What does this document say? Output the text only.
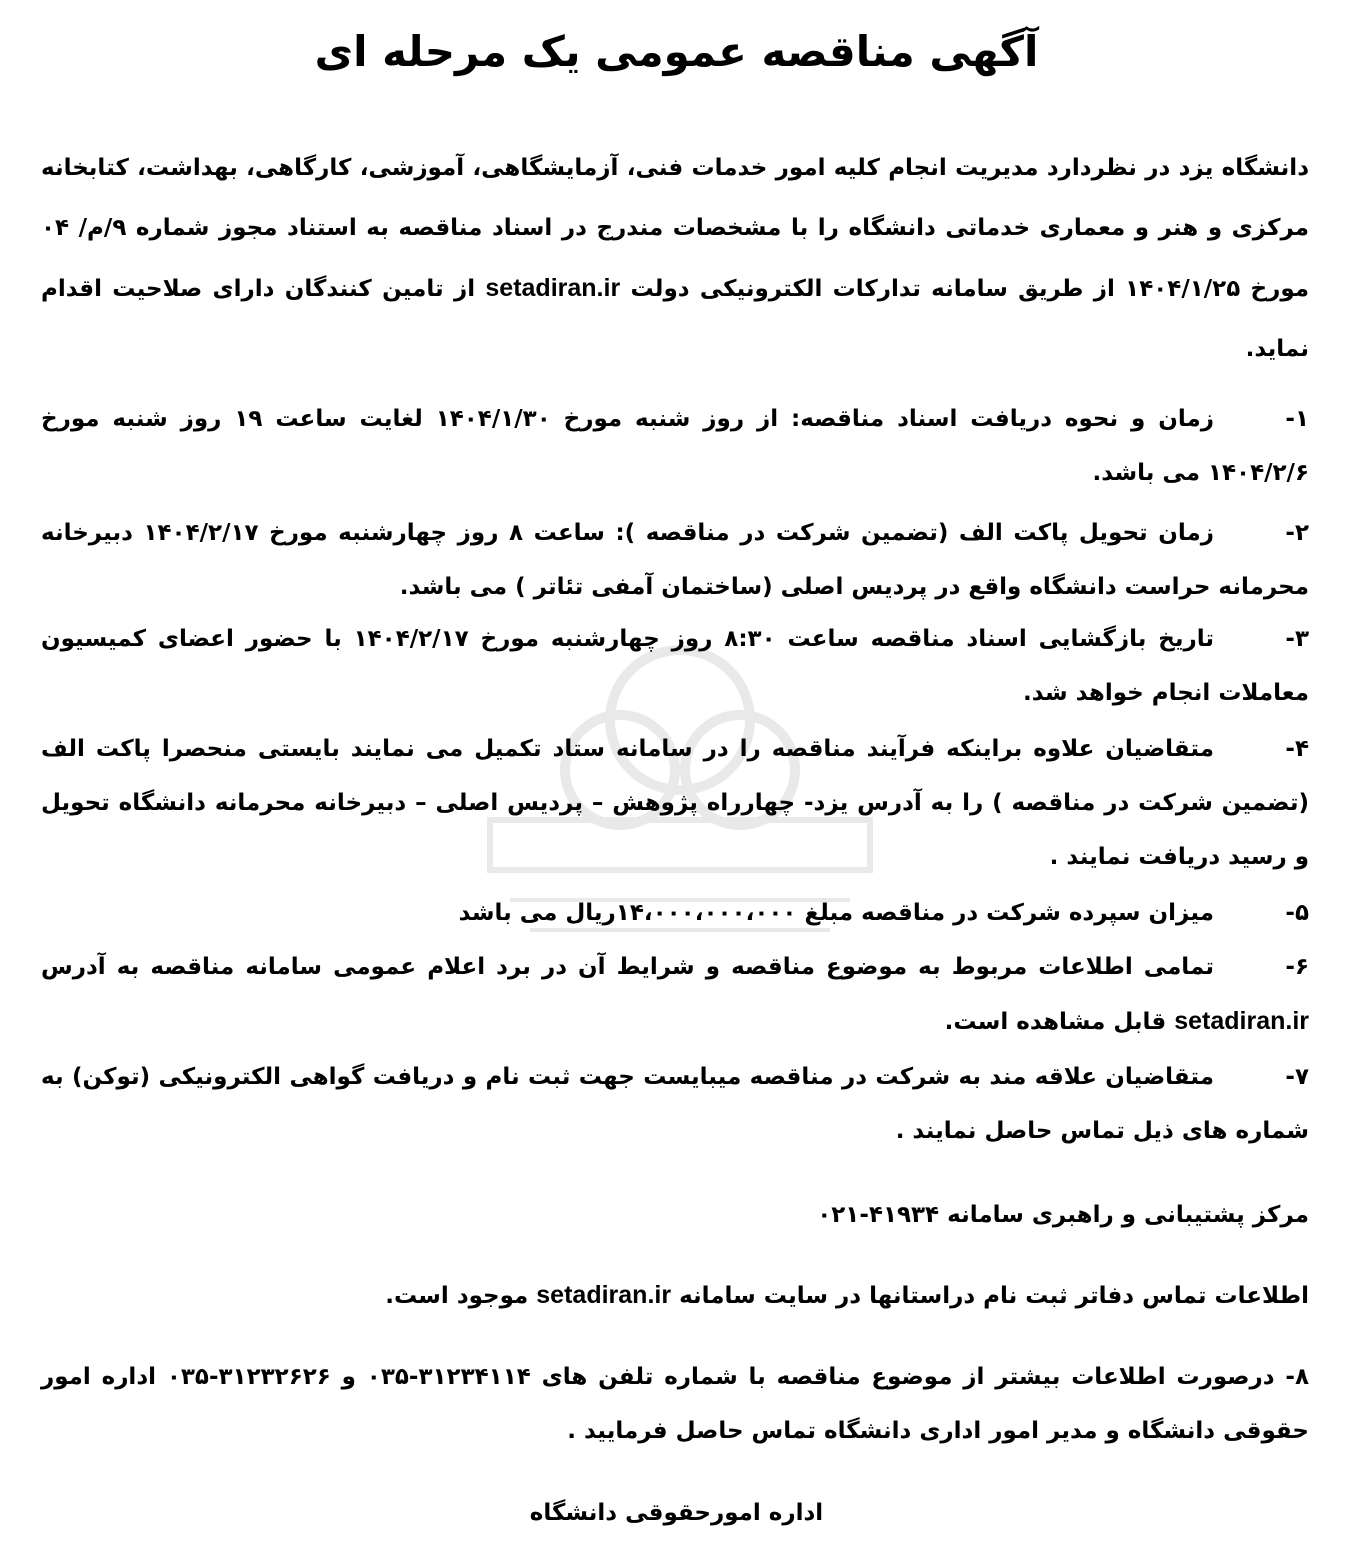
آگهی مناقصه عمومی یک مرحله ای

دانشگاه یزد در نظردارد مدیریت انجام کلیه امور خدمات فنی، آزمایشگاهی، آموزشی، کارگاهی، بهداشت، کتابخانه مرکزی و هنر و معماری خدماتی دانشگاه را با مشخصات مندرج در اسناد مناقصه به استناد مجوز شماره ۹/م/ ۰۴ مورخ ۱۴۰۴/۱/۲۵ از طریق سامانه تدارکات الکترونیکی دولت setadiran.ir از تامین کنندگان دارای صلاحیت اقدام نماید.

۱-زمان و نحوه دریافت اسناد مناقصه: از روز شنبه مورخ ۱۴۰۴/۱/۳۰ لغایت ساعت ۱۹ روز شنبه مورخ ۱۴۰۴/۲/۶ می باشد.

۲-زمان تحویل پاکت الف (تضمین شرکت در مناقصه ): ساعت ۸ روز چهارشنبه مورخ ۱۴۰۴/۲/۱۷ دبیرخانه محرمانه حراست دانشگاه واقع در پردیس اصلی (ساختمان آمفی تئاتر ) می باشد.

۳-تاریخ بازگشایی اسناد مناقصه ساعت ۸:۳۰ روز چهارشنبه مورخ ۱۴۰۴/۲/۱۷ با حضور اعضای کمیسیون معاملات انجام خواهد شد.

۴-متقاضیان علاوه براینکه فرآیند مناقصه را در سامانه ستاد تکمیل می نمایند بایستی منحصرا پاکت الف (تضمین شرکت در مناقصه ) را به آدرس یزد- چهارراه پژوهش – پردیس اصلی – دبیرخانه محرمانه دانشگاه تحویل و رسید دریافت نمایند .

۵-میزان سپرده شرکت در مناقصه مبلغ ۱۴،۰۰۰،۰۰۰،۰۰۰ریال می باشد

۶-تمامی اطلاعات مربوط به موضوع مناقصه و شرایط آن در برد اعلام عمومی سامانه مناقصه به آدرس setadiran.ir قابل مشاهده است.

۷-متقاضیان علاقه مند به شرکت در مناقصه میبایست جهت ثبت نام و دریافت گواهی الکترونیکی (توکن) به شماره های ذیل تماس حاصل نمایند .

مرکز پشتیبانی و راهبری سامانه ۴۱۹۳۴-۰۲۱

اطلاعات تماس دفاتر ثبت نام دراستانها در سایت سامانه setadiran.ir موجود است.

۸- درصورت اطلاعات بیشتر از موضوع مناقصه با شماره تلفن های ۳۱۲۳۴۱۱۴-۰۳۵ و ۳۱۲۳۲۶۲۶-۰۳۵ اداره امور حقوقی دانشگاه و مدیر امور اداری دانشگاه تماس حاصل فرمایید .

اداره امورحقوقی دانشگاه
